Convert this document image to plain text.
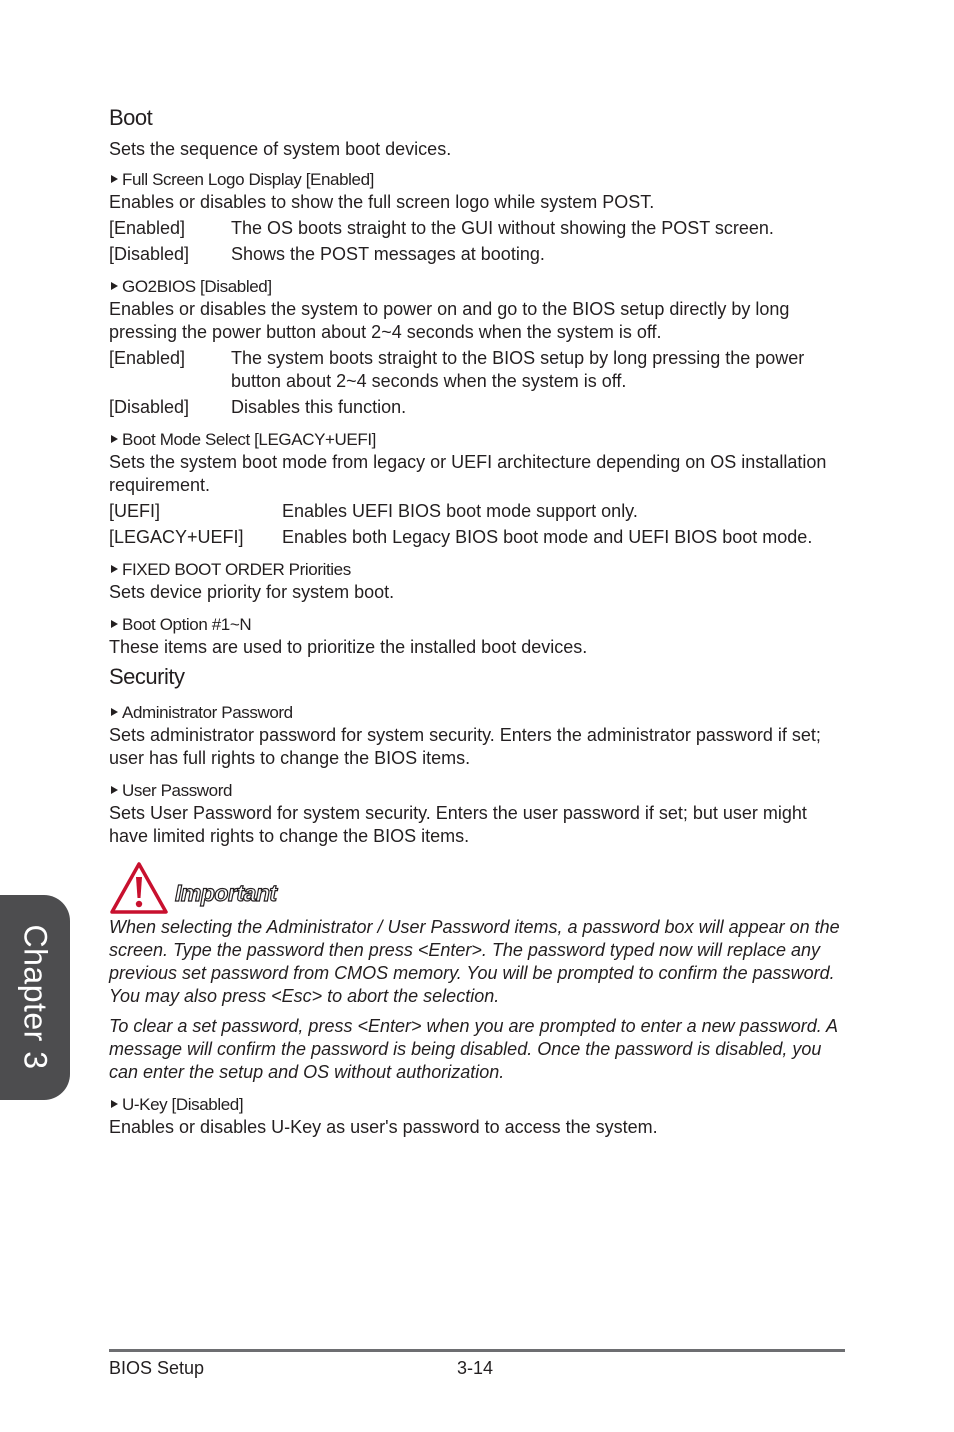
Boot

Sets the sequence of system boot devices.

Full Screen Logo Display [Enabled]

Enables or disables to show the full screen logo while system POST.

[Enabled]	The OS boots straight to the GUI without showing the POST screen.
[Disabled]	Shows the POST messages at booting.
GO2BIOS [Disabled]

Enables or disables the system to power on and go to the BIOS setup directly by long pressing the power button about 2~4 seconds when the system is off.

[Enabled]	The system boots straight to the BIOS setup by long pressing the power button about 2~4 seconds when the system is off.
[Disabled]	Disables this function.
Boot Mode Select [LEGACY+UEFI]

Sets the system boot mode from legacy or UEFI architecture depending on OS installation requirement.

[UEFI]	Enables UEFI BIOS boot mode support only.
[LEGACY+UEFI]	Enables both Legacy BIOS boot mode and UEFI BIOS boot mode.
FIXED BOOT ORDER Priorities

Sets device priority for system boot.

Boot Option #1~N

These items are used to prioritize the installed boot devices.

Security
Administrator Password

Sets administrator password for system security. Enters the administrator password if set; user has full rights to change the BIOS items.

User Password

Sets User Password for system security. Enters the user password if set; but user might have limited rights to change the BIOS items.

Important

When selecting the Administrator / User Password items, a password box will appear on the screen. Type the password then press <Enter>. The password typed now will replace any previous set password from CMOS memory. You will be prompted to confirm the password. You may also press <Esc> to abort the selection.

To clear a set password, press <Enter> when you are prompted to enter a new password. A message will confirm the password is being disabled. Once the password is disabled, you can enter the setup and OS without authorization.

U-Key [Disabled]

Enables or disables U-Key as user's password to access the system.

Chapter 3
BIOS Setup	3-14
